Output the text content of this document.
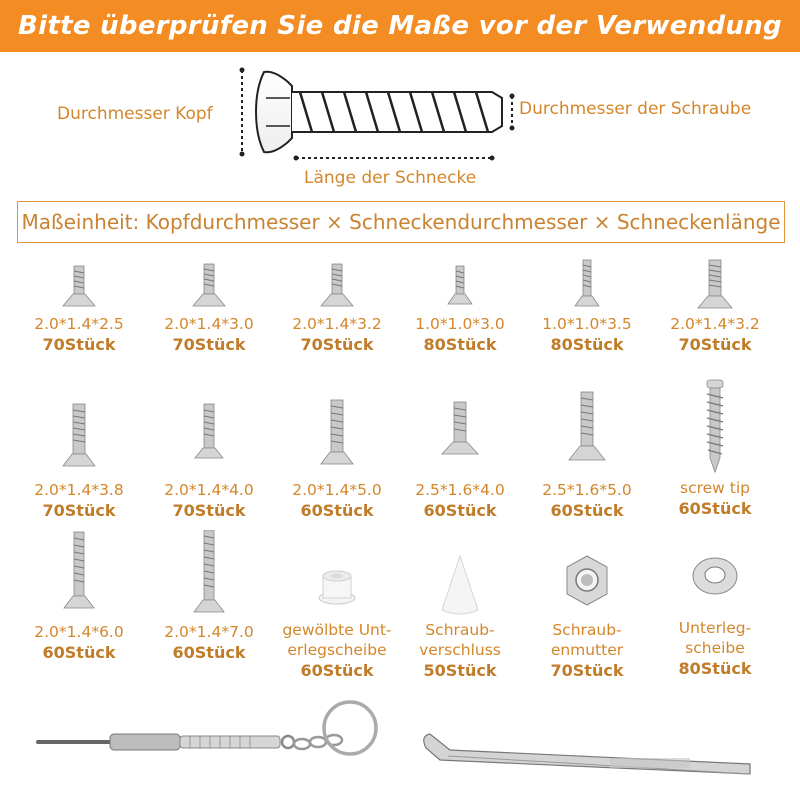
Bitte überprüfen Sie die Maße vor der Verwendung
Durchmesser Kopf	Durchmesser der Schraube
Länge der Schnecke
Maßeinheit: Kopfdurchmesser × Schneckendurchmesser × Schneckenlänge
2.0*1.4*2.5
70Stück
2.0*1.4*3.0
70Stück
2.0*1.4*3.2
70Stück
1.0*1.0*3.0
80Stück
1.0*1.0*3.5
80Stück
2.0*1.4*3.2
70Stück
2.0*1.4*3.8
70Stück
2.0*1.4*4.0
70Stück
2.0*1.4*5.0
60Stück
2.5*1.6*4.0
60Stück
2.5*1.6*5.0
60Stück
screw tip
60Stück
2.0*1.4*6.0
60Stück
2.0*1.4*7.0
60Stück
gewölbte Unt-
erlegscheibe
60Stück
Schraub-
verschluss
50Stück
Schraub-
enmutter
70Stück
Unterleg-
scheibe
80Stück
